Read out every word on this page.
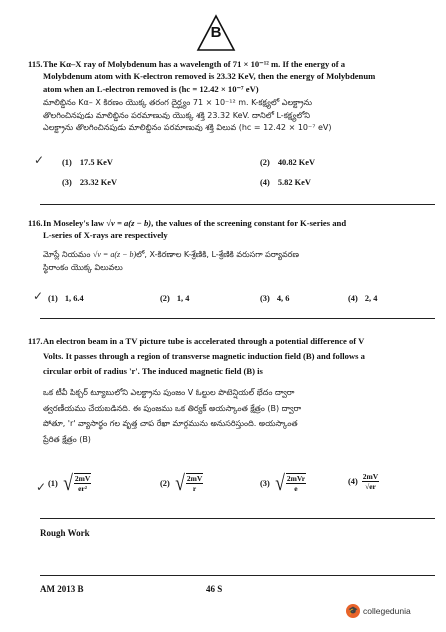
B
115. The Kα–X ray of Molybdenum has a wavelength of 71 × 10⁻¹² m. If the energy of a
Molybdenum atom with K-electron removed is 23.32 KeV, then the energy of Molybdenum
atom when an L-electron removed is (hc = 12.42 × 10⁻⁷ eV)
మాలిబ్డినం Kα– X కిరణం యొక్క తరంగ దైర్ఘ్యం 71 × 10⁻¹² m. K-కక్ష్యలో ఎలక్ట్రాను
తొలగించినపుడు మాలిబ్డినం పరమాణువు యొక్క శక్తి 23.32 KeV. దానిలో L-కక్ష్యలోని
ఎలక్ట్రాను తొలగించినపుడు మాలిబ్డినం పరమాణువు శక్తి విలువ (hc = 12.42 × 10⁻⁷ eV)
✓ (1) 17.5 KeV	(2) 40.82 KeV
(3) 23.32 KeV	(4) 5.82 KeV
116. In Moseley's law √v = a(z − b), the values of the screening constant for K-series and
L-series of X-rays are respectively
మోస్లే నియమం √v = a(z − b)లో, X-కిరణాల K-శ్రేణికి, L-శ్రేణికి వరుసగా పర్యావరణ
స్థిరాంకం యొక్క విలువలు
✓ (1) 1, 6.4	(2) 1, 4	(3) 4, 6	(4) 2, 4
117. An electron beam in a TV picture tube is accelerated through a potential difference of V
Volts. It passes through a region of transverse magnetic induction field (B) and follows a
circular orbit of radius 'r'. The induced magnetic field (B) is
ఒక టీవీ పిక్చర్ ట్యూబులోని ఎలక్ట్రాను పుంజం V ఓల్టుల పొటెన్షియల్ భేదం ద్వారా
త్వరణీయము చేయబడినది. ఈ పుంజము ఒక తిర్యక్ అయస్కాంత క్షేత్రం (B) ద్వారా
పోతూ, 'r' వ్యాసార్థం గల వృత్త చాప రేఖా మార్గమును అనుసరిస్తుంది. అయస్కాంత
ప్రేరిత క్షేత్రం (B)
✓ (1) √ $\frac{2mV}{\text{er²}}$	(2) √ $\frac{2mV}{r}$	(3) √ $\frac{\text{2mVr}}{e}$	$(4) \frac{2mV}{√er}$
Rough Work
AM 2013 B	46 S
🎓 collegedunia
